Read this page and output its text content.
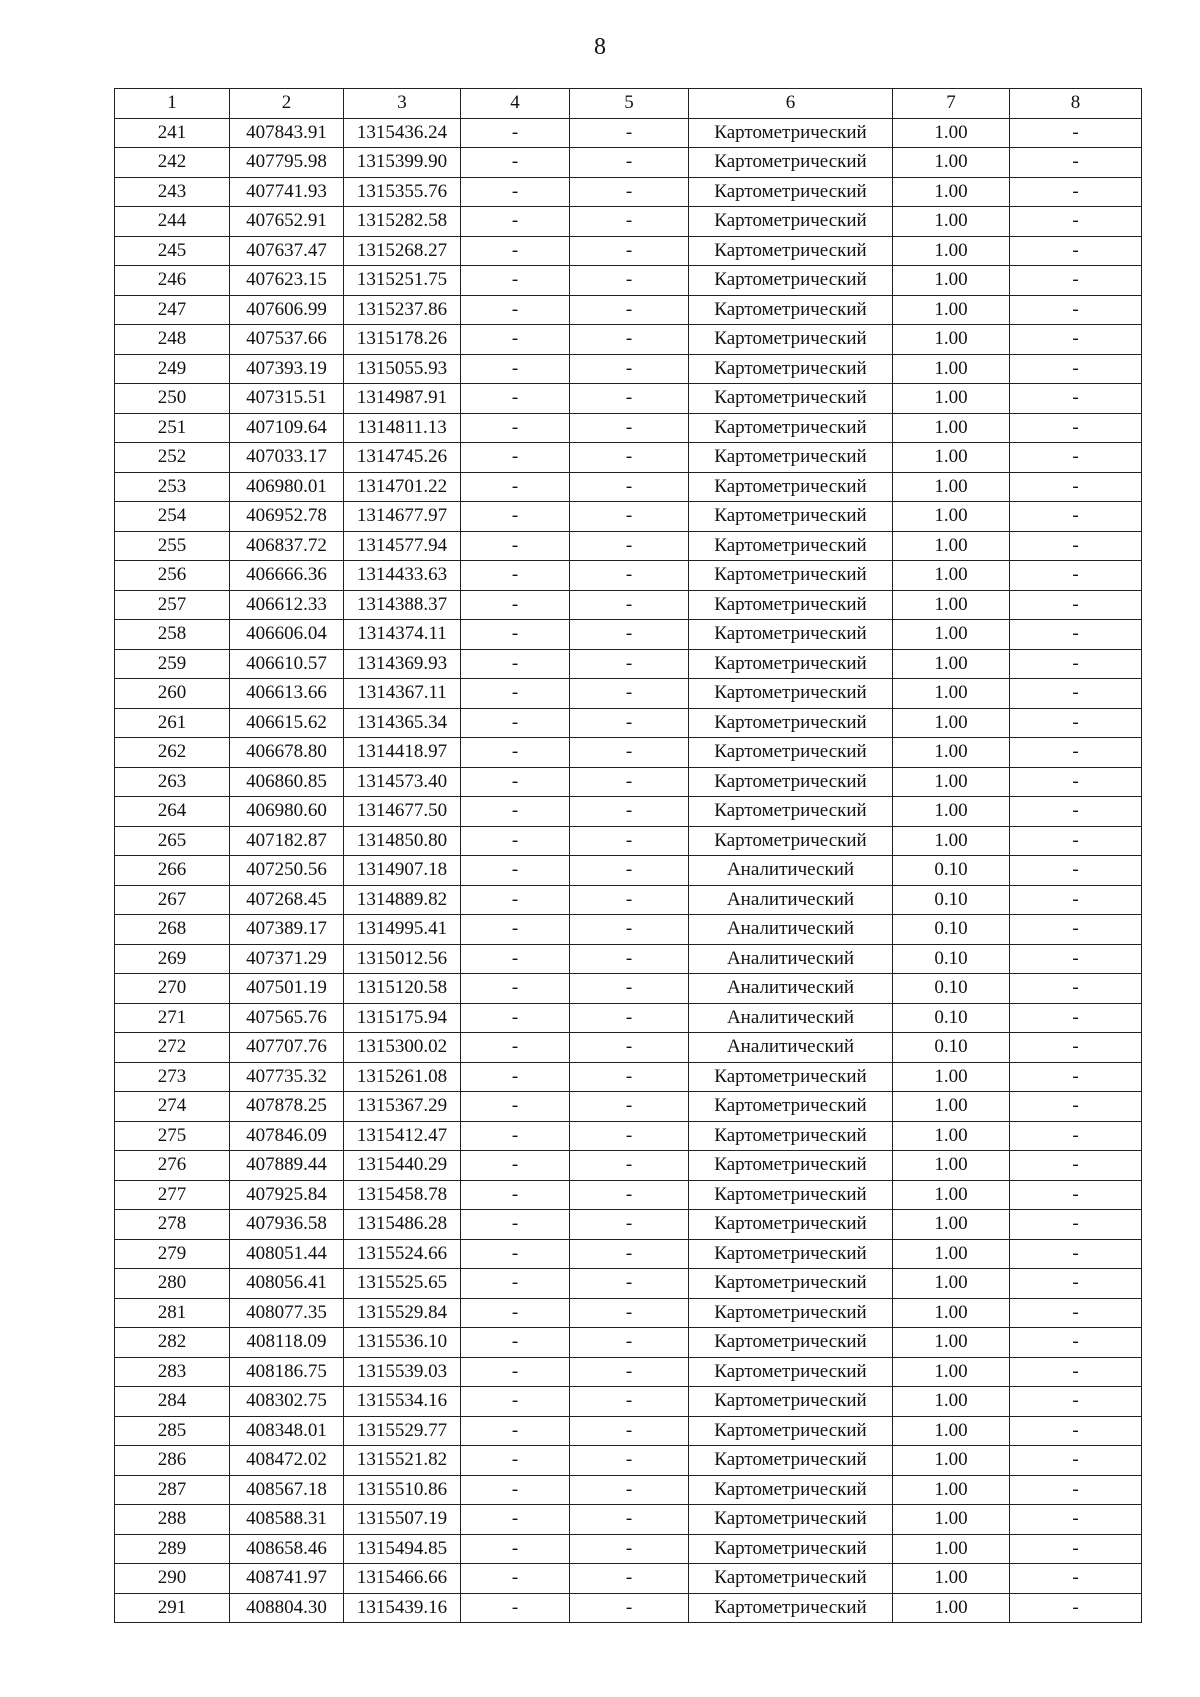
8
1	2	3	4	5	6	7	8
241	407843.91	1315436.24	-	-	Картометрический	1.00	-
242	407795.98	1315399.90	-	-	Картометрический	1.00	-
243	407741.93	1315355.76	-	-	Картометрический	1.00	-
244	407652.91	1315282.58	-	-	Картометрический	1.00	-
245	407637.47	1315268.27	-	-	Картометрический	1.00	-
246	407623.15	1315251.75	-	-	Картометрический	1.00	-
247	407606.99	1315237.86	-	-	Картометрический	1.00	-
248	407537.66	1315178.26	-	-	Картометрический	1.00	-
249	407393.19	1315055.93	-	-	Картометрический	1.00	-
250	407315.51	1314987.91	-	-	Картометрический	1.00	-
251	407109.64	1314811.13	-	-	Картометрический	1.00	-
252	407033.17	1314745.26	-	-	Картометрический	1.00	-
253	406980.01	1314701.22	-	-	Картометрический	1.00	-
254	406952.78	1314677.97	-	-	Картометрический	1.00	-
255	406837.72	1314577.94	-	-	Картометрический	1.00	-
256	406666.36	1314433.63	-	-	Картометрический	1.00	-
257	406612.33	1314388.37	-	-	Картометрический	1.00	-
258	406606.04	1314374.11	-	-	Картометрический	1.00	-
259	406610.57	1314369.93	-	-	Картометрический	1.00	-
260	406613.66	1314367.11	-	-	Картометрический	1.00	-
261	406615.62	1314365.34	-	-	Картометрический	1.00	-
262	406678.80	1314418.97	-	-	Картометрический	1.00	-
263	406860.85	1314573.40	-	-	Картометрический	1.00	-
264	406980.60	1314677.50	-	-	Картометрический	1.00	-
265	407182.87	1314850.80	-	-	Картометрический	1.00	-
266	407250.56	1314907.18	-	-	Аналитический	0.10	-
267	407268.45	1314889.82	-	-	Аналитический	0.10	-
268	407389.17	1314995.41	-	-	Аналитический	0.10	-
269	407371.29	1315012.56	-	-	Аналитический	0.10	-
270	407501.19	1315120.58	-	-	Аналитический	0.10	-
271	407565.76	1315175.94	-	-	Аналитический	0.10	-
272	407707.76	1315300.02	-	-	Аналитический	0.10	-
273	407735.32	1315261.08	-	-	Картометрический	1.00	-
274	407878.25	1315367.29	-	-	Картометрический	1.00	-
275	407846.09	1315412.47	-	-	Картометрический	1.00	-
276	407889.44	1315440.29	-	-	Картометрический	1.00	-
277	407925.84	1315458.78	-	-	Картометрический	1.00	-
278	407936.58	1315486.28	-	-	Картометрический	1.00	-
279	408051.44	1315524.66	-	-	Картометрический	1.00	-
280	408056.41	1315525.65	-	-	Картометрический	1.00	-
281	408077.35	1315529.84	-	-	Картометрический	1.00	-
282	408118.09	1315536.10	-	-	Картометрический	1.00	-
283	408186.75	1315539.03	-	-	Картометрический	1.00	-
284	408302.75	1315534.16	-	-	Картометрический	1.00	-
285	408348.01	1315529.77	-	-	Картометрический	1.00	-
286	408472.02	1315521.82	-	-	Картометрический	1.00	-
287	408567.18	1315510.86	-	-	Картометрический	1.00	-
288	408588.31	1315507.19	-	-	Картометрический	1.00	-
289	408658.46	1315494.85	-	-	Картометрический	1.00	-
290	408741.97	1315466.66	-	-	Картометрический	1.00	-
291	408804.30	1315439.16	-	-	Картометрический	1.00	-
